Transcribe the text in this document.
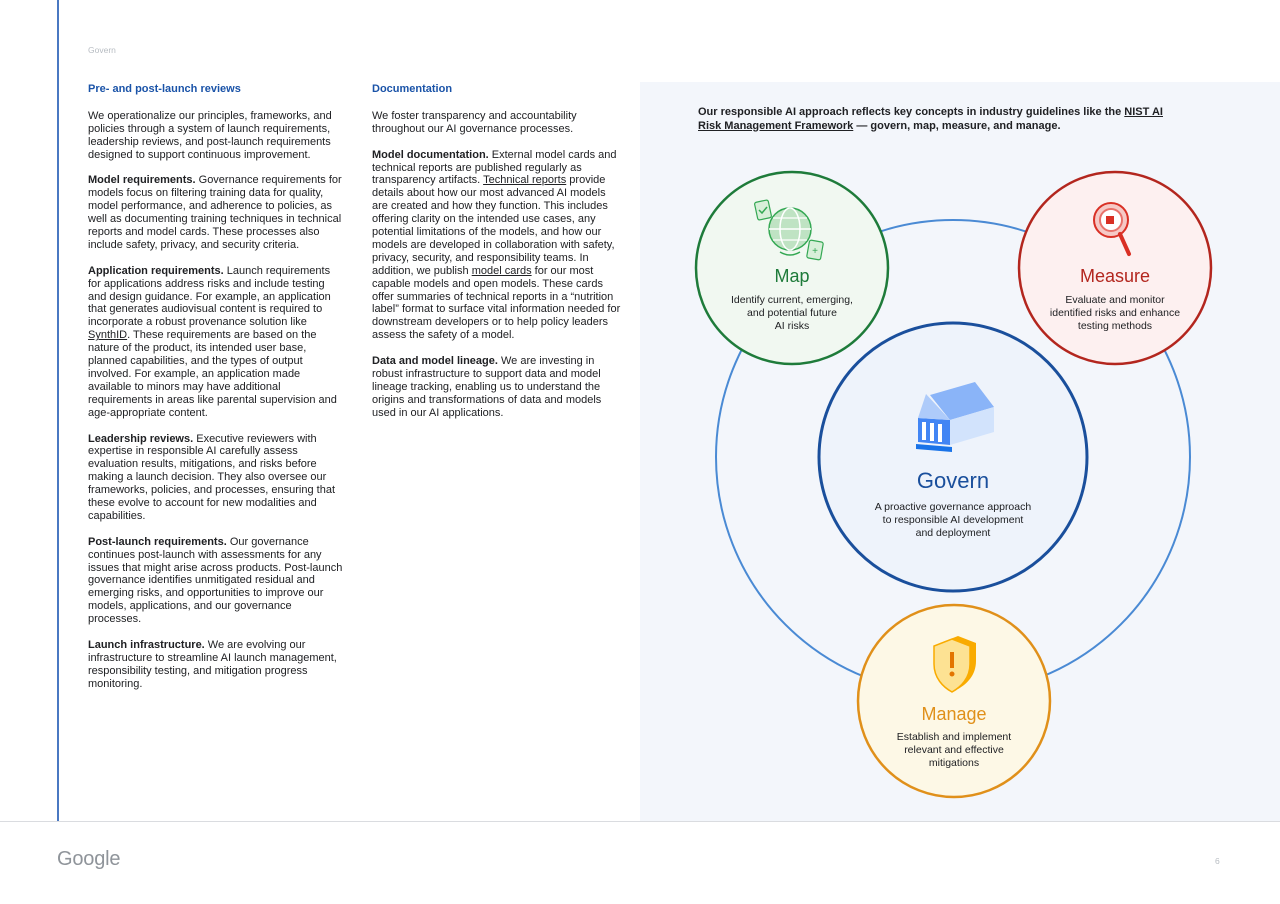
Govern
Pre- and post-launch reviews

We operationalize our principles, frameworks, and policies through a system of launch requirements, leadership reviews, and post-launch requirements designed to support continuous improvement.

Model requirements. Governance requirements for models focus on filtering training data for quality, model performance, and adherence to policies, as well as documenting training techniques in technical reports and model cards. These processes also include safety, privacy, and security criteria.

Application requirements. Launch requirements for applications address risks and include testing and design guidance. For example, an application that generates audiovisual content is required to incorporate a robust provenance solution like SynthID. These requirements are based on the nature of the product, its intended user base, planned capabilities, and the types of output involved. For example, an application made available to minors may have additional requirements in areas like parental supervision and age-appropriate content.

Leadership reviews. Executive reviewers with expertise in responsible AI carefully assess evaluation results, mitigations, and risks before making a launch decision. They also oversee our frameworks, policies, and processes, ensuring that these evolve to account for new modalities and capabilities.

Post-launch requirements. Our governance continues post-launch with assessments for any issues that might arise across products. Post-launch governance identifies unmitigated residual and emerging risks, and opportunities to improve our models, applications, and our governance processes.

Launch infrastructure. We are evolving our infrastructure to streamline AI launch management, responsibility testing, and mitigation progress monitoring.

Documentation

We foster transparency and accountability throughout our AI governance processes.

Model documentation. External model cards and technical reports are published regularly as transparency artifacts. Technical reports provide details about how our most advanced AI models are created and how they function. This includes offering clarity on the intended use cases, any potential limitations of the models, and how our models are developed in collaboration with safety, privacy, security, and responsibility teams. In addition, we publish model cards for our most capable models and open models. These cards offer summaries of technical reports in a “nutrition label” format to surface vital information needed for downstream developers or to help policy leaders assess the safety of a model.

Data and model lineage. We are investing in robust infrastructure to support data and model lineage tracking, enabling us to understand the origins and transformations of data and models used in our AI applications.

Our responsible AI approach reflects key concepts in industry guidelines like the NIST AI Risk Management Framework — govern, map, measure, and manage.
+
Map
Identify current, emerging,
and potential future
AI risks
Measure
Evaluate and monitor
identified risks and enhance
testing methods
Govern
A proactive governance approach
to responsible AI development
and deployment
Manage
Establish and implement
relevant and effective
mitigations
Google	6
